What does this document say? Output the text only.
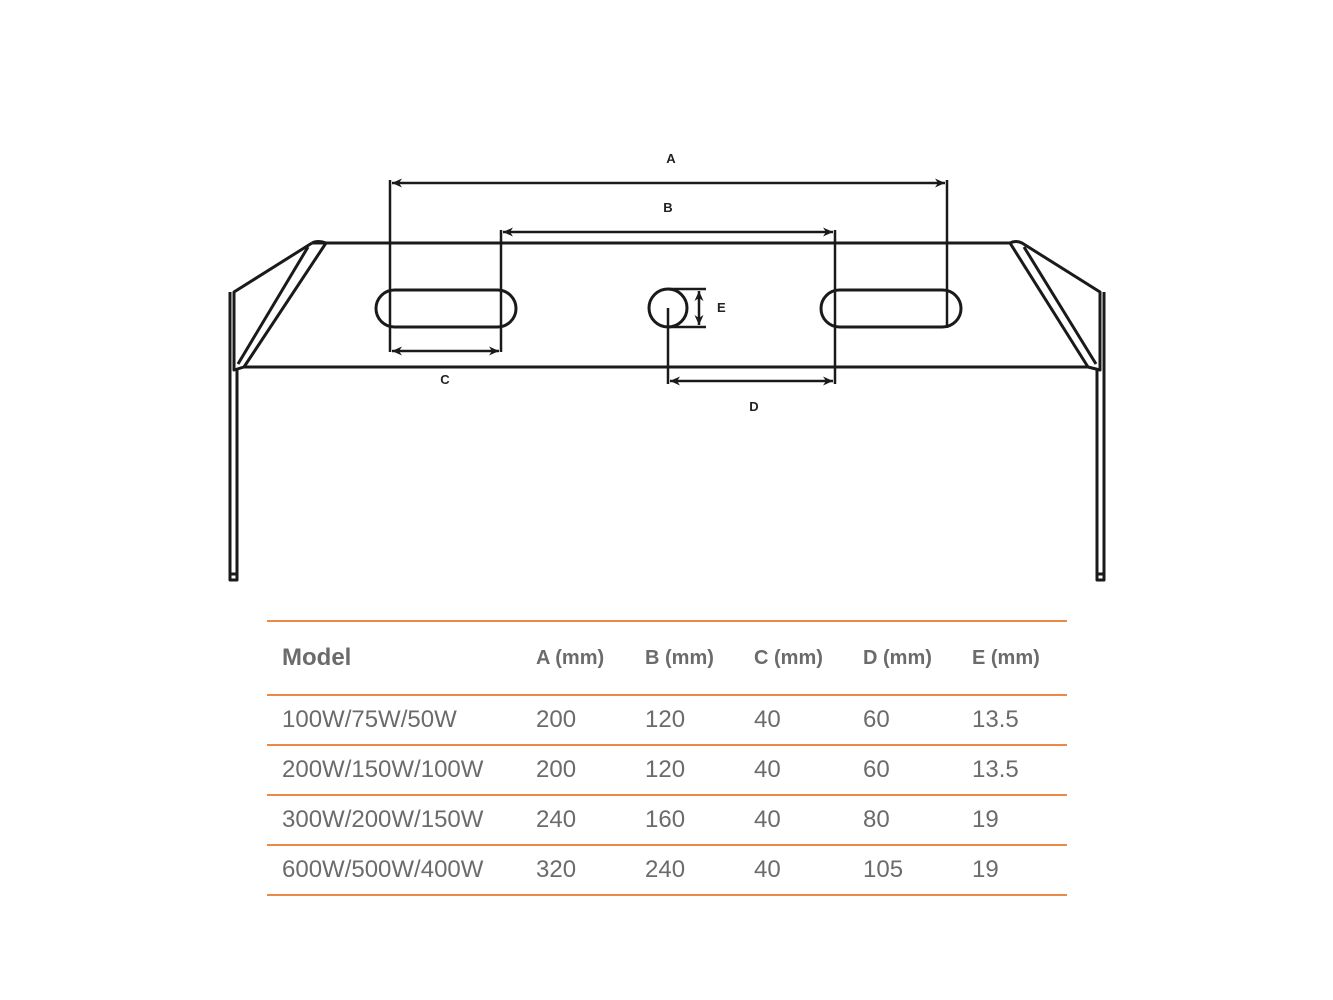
A
B
C
D
E
Model	A (mm)	B (mm)	C (mm)	D (mm)	E (mm)
100W/75W/50W	200	120	40	60	13.5
200W/150W/100W	200	120	40	60	13.5
300W/200W/150W	240	160	40	80	19
600W/500W/400W	320	240	40	105	19
